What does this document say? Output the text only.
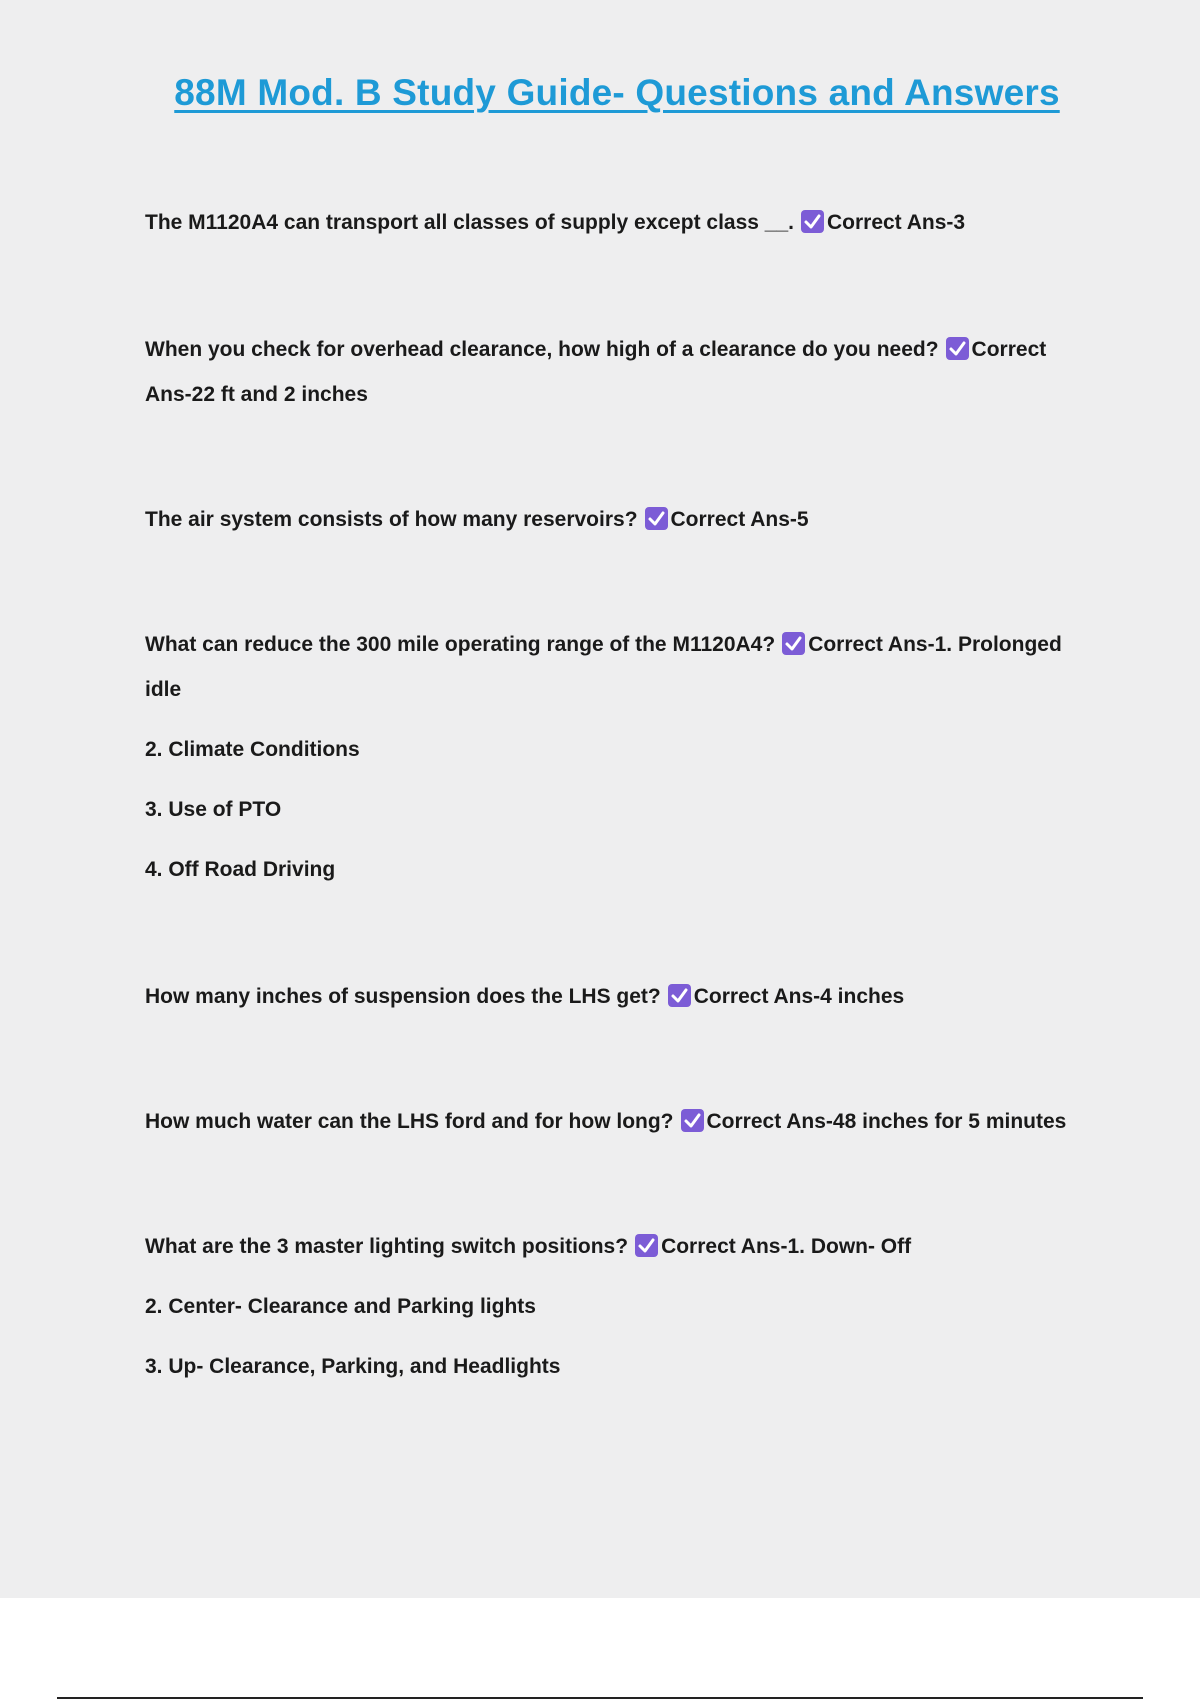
88M Mod. B Study Guide- Questions and Answers
The M1120A4 can transport all classes of supply except class __. Correct Ans-3
When you check for overhead clearance, how high of a clearance do you need? Correct Ans-22 ft and 2 inches
The air system consists of how many reservoirs? Correct Ans-5
What can reduce the 300 mile operating range of the M1120A4? Correct Ans-1. Prolonged idle
2. Climate Conditions
3. Use of PTO
4. Off Road Driving
How many inches of suspension does the LHS get? Correct Ans-4 inches
How much water can the LHS ford and for how long? Correct Ans-48 inches for 5 minutes
What are the 3 master lighting switch positions? Correct Ans-1. Down- Off
2. Center- Clearance and Parking lights
3. Up- Clearance, Parking, and Headlights
